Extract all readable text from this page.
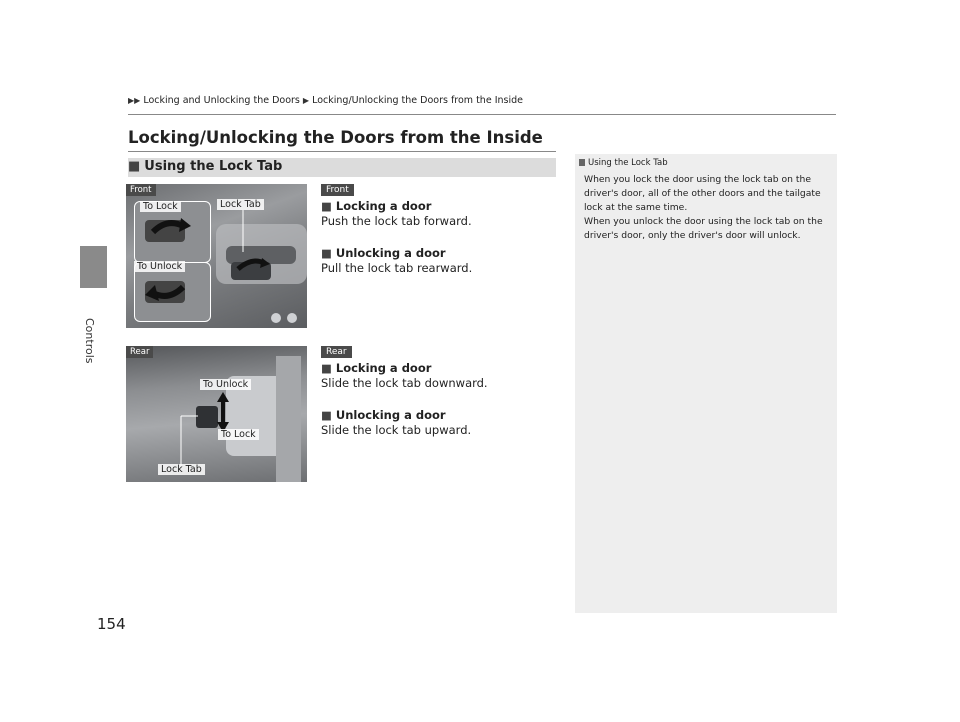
Controls
154
▶▶ Locking and Unlocking the Doors ▶ Locking/Unlocking the Doors from the Inside
Locking/Unlocking the Doors from the Inside
■ Using the Lock Tab
Front
To Lock
To Unlock
Lock Tab
Rear
To Unlock
To Lock
Lock Tab
Front
■ Locking a door
Push the lock tab forward.
■ Unlocking a door
Pull the lock tab rearward.
Rear
■ Locking a door
Slide the lock tab downward.
■ Unlocking a door
Slide the lock tab upward.
Using the Lock Tab
When you lock the door using the lock tab on the
driver's door, all of the other doors and the tailgate
lock at the same time.
When you unlock the door using the lock tab on the
driver's door, only the driver's door will unlock.
